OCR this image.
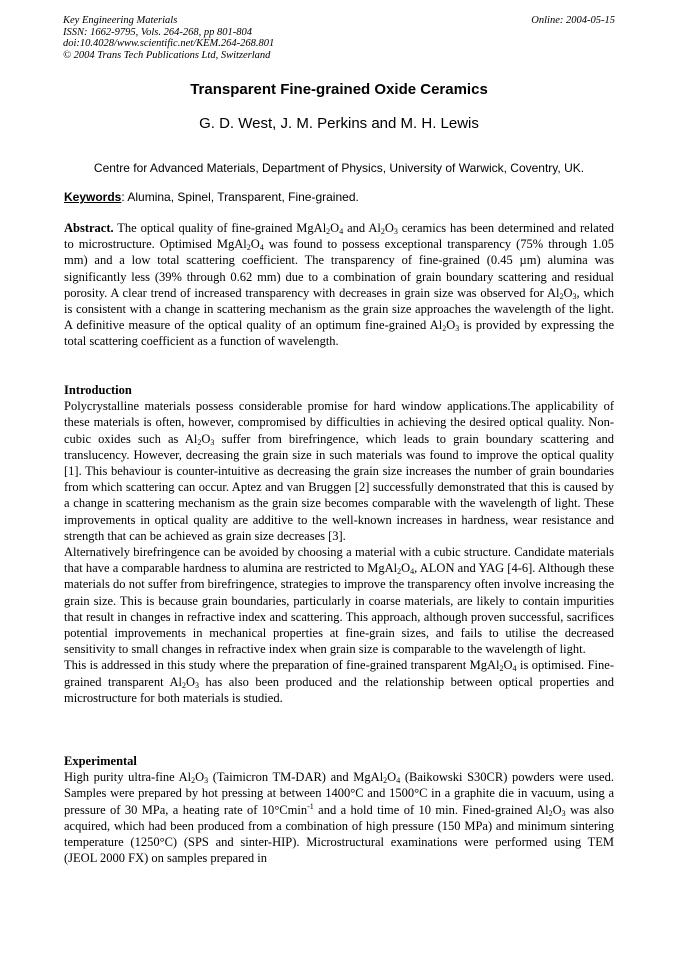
Key Engineering Materials
ISSN: 1662-9795, Vols. 264-268, pp 801-804
doi:10.4028/www.scientific.net/KEM.264-268.801
© 2004 Trans Tech Publications Ltd, Switzerland
Online: 2004-05-15
Transparent Fine-grained Oxide Ceramics
G. D. West, J. M. Perkins and M. H. Lewis
Centre for Advanced Materials, Department of Physics, University of Warwick, Coventry, UK.
Keywords: Alumina, Spinel, Transparent, Fine-grained.

Abstract. The optical quality of fine-grained $MgAl_2O_4$ and $Al_2O_3$ ceramics has been determined and related to microstructure. Optimised $MgAl_2O_4$ was found to possess exceptional transparency (75% through 1.05 mm) and a low total scattering coefficient. The transparency of fine-grained (0.45 µm) alumina was significantly less (39% through 0.62 mm) due to a combination of grain boundary scattering and residual porosity. A clear trend of increased transparency with decreases in grain size was observed for $Al_2O_3$, which is consistent with a change in scattering mechanism as the grain size approaches the wavelength of the light. A definitive measure of the optical quality of an optimum fine-grained $Al_2O_3$ is provided by expressing the total scattering coefficient as a function of wavelength.

Introduction

Polycrystalline materials possess considerable promise for hard window applications.The applicability of these materials is often, however, compromised by difficulties in achieving the desired optical quality. Non-cubic oxides such as $Al_2O_3$ suffer from birefringence, which leads to grain boundary scattering and translucency. However, decreasing the grain size in such materials was found to improve the optical quality [1]. This behaviour is counter-intuitive as decreasing the grain size increases the number of grain boundaries from which scattering can occur. Aptez and van Bruggen [2] successfully demonstrated that this is caused by a change in scattering mechanism as the grain size becomes comparable with the wavelength of light. These improvements in optical quality are additive to the well-known increases in hardness, wear resistance and strength that can be achieved as grain size decreases [3].

Alternatively birefringence can be avoided by choosing a material with a cubic structure. Candidate materials that have a comparable hardness to alumina are restricted to $MgAl_2O_4$, ALON and YAG [4-6]. Although these materials do not suffer from birefringence, strategies to improve the transparency often involve increasing the grain size. This is because grain boundaries, particularly in coarse materials, are likely to contain impurities that result in changes in refractive index and scattering. This approach, although proven successful, sacrifices potential improvements in mechanical properties at fine-grain sizes, and fails to utilise the decreased sensitivity to small changes in refractive index when grain size is comparable to the wavelength of light.

This is addressed in this study where the preparation of fine-grained transparent $MgAl_2O_4$ is optimised. Fine-grained transparent $Al_2O_3$ has also been produced and the relationship between optical properties and microstructure for both materials is studied.

Experimental

High purity ultra-fine $Al_2O_3$ (Taimicron TM-DAR) and $MgAl_2O_4$ (Baikowski S30CR) powders were used. Samples were prepared by hot pressing at between 1400°C and 1500°C in a graphite die in vacuum, using a pressure of 30 MPa, a heating rate of 10°Cmin$^{-1}$ and a hold time of 10 min. Fined-grained $Al_2O_3$ was also acquired, which had been produced from a combination of high pressure (150 MPa) and minimum sintering temperature (1250°C) (SPS and sinter-HIP). Microstructural examinations were performed using TEM (JEOL 2000 FX) on samples prepared in
